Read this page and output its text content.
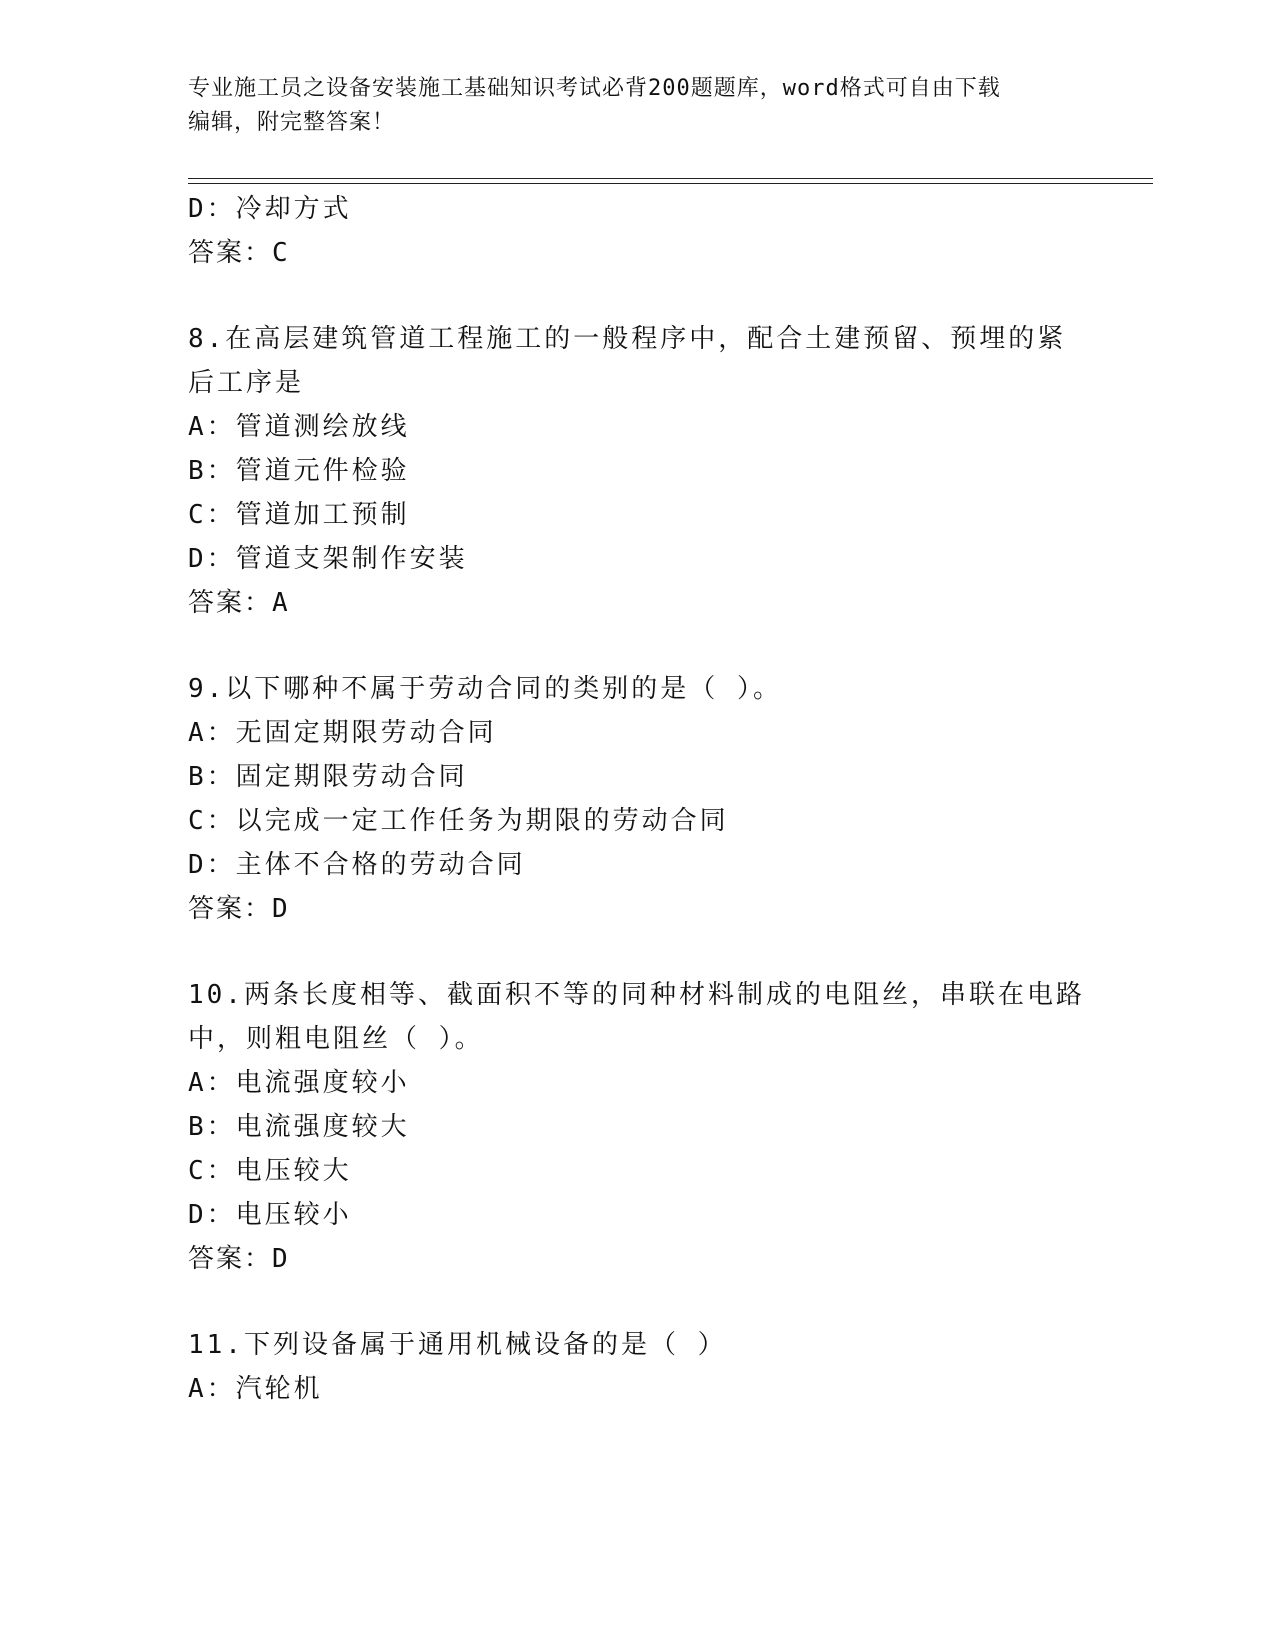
专业施工员之设备安装施工基础知识考试必背200题题库，word格式可自由下载
编辑，附完整答案！
D：冷却方式
答案：C
8.在高层建筑管道工程施工的一般程序中，配合土建预留、预埋的紧
后工序是
A：管道测绘放线
B：管道元件检验
C：管道加工预制
D：管道支架制作安装
答案：A
9.以下哪种不属于劳动合同的类别的是（ ）。
A：无固定期限劳动合同
B：固定期限劳动合同
C：以完成一定工作任务为期限的劳动合同
D：主体不合格的劳动合同
答案：D
10.两条长度相等、截面积不等的同种材料制成的电阻丝，串联在电路
中，则粗电阻丝（ ）。
A：电流强度较小
B：电流强度较大
C：电压较大
D：电压较小
答案：D
11.下列设备属于通用机械设备的是（ ）
A：汽轮机
